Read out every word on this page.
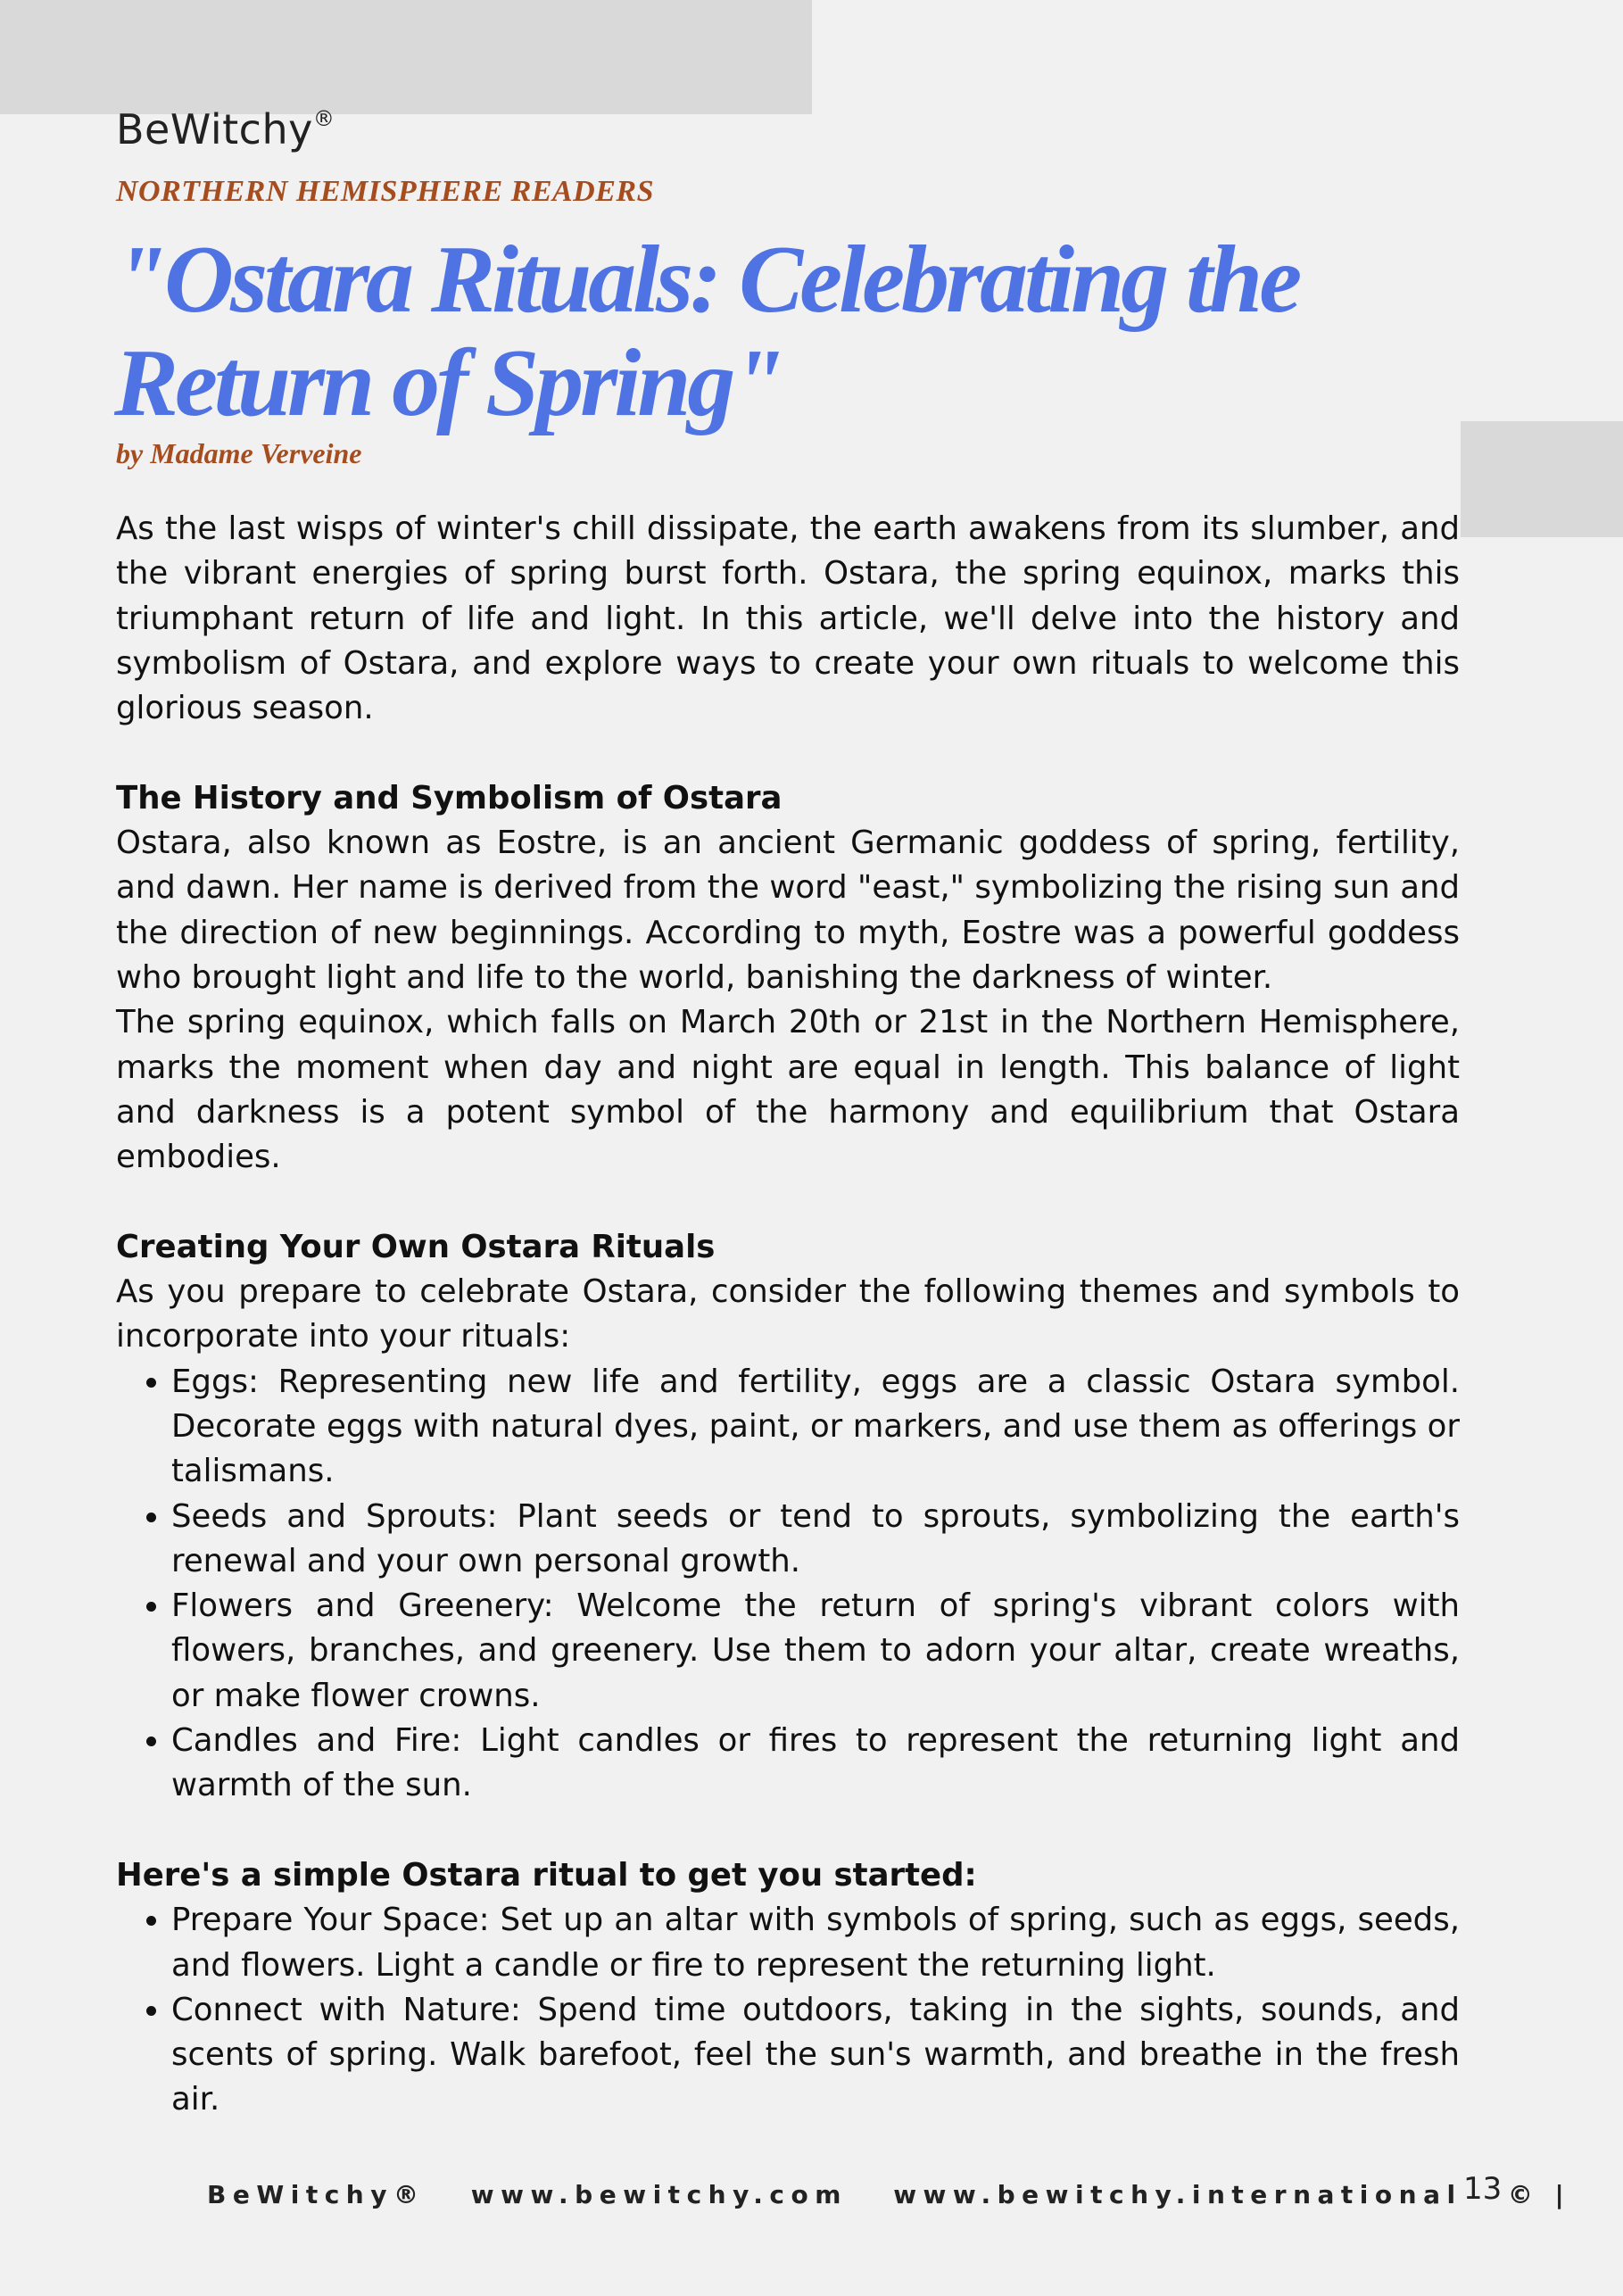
BeWitchy®
NORTHERN HEMISPHERE READERS
"Ostara Rituals: Celebrating the Return of Spring"
by Madame Verveine

As the last wisps of winter's chill dissipate, the earth awakens from its slumber, and the vibrant energies of spring burst forth. Ostara, the spring equinox, marks this triumphant return of life and light. In this article, we'll delve into the history and symbolism of Ostara, and explore ways to create your own rituals to welcome this glorious season.

The History and Symbolism of Ostara

Ostara, also known as Eostre, is an ancient Germanic goddess of spring, fertility, and dawn. Her name is derived from the word "east," symbolizing the rising sun and the direction of new beginnings. According to myth, Eostre was a powerful goddess who brought light and life to the world, banishing the darkness of winter.

The spring equinox, which falls on March 20th or 21st in the Northern Hemisphere, marks the moment when day and night are equal in length. This balance of light and darkness is a potent symbol of the harmony and equilibrium that Ostara embodies.

Creating Your Own Ostara Rituals

As you prepare to celebrate Ostara, consider the following themes and symbols to incorporate into your rituals:

• Eggs: Representing new life and fertility, eggs are a classic Ostara symbol. Decorate eggs with natural dyes, paint, or markers, and use them as offerings or talismans.
• Seeds and Sprouts: Plant seeds or tend to sprouts, symbolizing the earth's renewal and your own personal growth.
• Flowers and Greenery: Welcome the return of spring's vibrant colors with flowers, branches, and greenery. Use them to adorn your altar, create wreaths, or make flower crowns.
• Candles and Fire: Light candles or fires to represent the returning light and warmth of the sun.
Here's a simple Ostara ritual to get you started:
• Prepare Your Space: Set up an altar with symbols of spring, such as eggs, seeds, and flowers. Light a candle or fire to represent the returning light.
• Connect with Nature: Spend time outdoors, taking in the sights, sounds, and scents of spring. Walk barefoot, feel the sun's warmth, and breathe in the fresh air.
BeWitchy® www.bewitchy.com www.bewitchy.international © |
13
